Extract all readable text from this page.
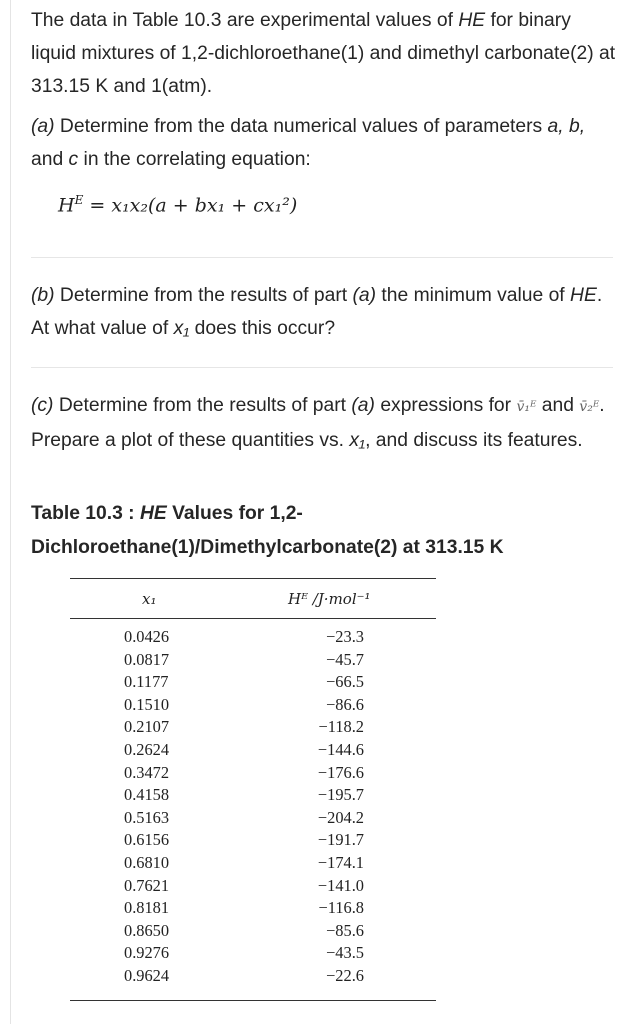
The data in Table 10.3 are experimental values of HE for binary liquid mixtures of 1,2-dichloroethane(1) and dimethyl carbonate(2) at 313.15 K and 1(atm).
(a) Determine from the data numerical values of parameters a, b, and c in the correlating equation:
$H^E = x_1x_2(a + bx_1 + cx_1^2)$
(b) Determine from the results of part (a) the minimum value of HE. At what value of x₁ does this occur?
(c) Determine from the results of part (a) expressions for v̄₁ᴱ and v̄₂ᴱ. Prepare a plot of these quantities vs. x₁, and discuss its features.
Table 10.3 : HE Values for 1,2-Dichloroethane(1)/Dimethylcarbonate(2) at 313.15 K
x₁	Hᴱ /J·mol⁻¹
0.0426
0.0817
0.1177
0.1510
0.2107
0.2624
0.3472
0.4158
0.5163
0.6156
0.6810
0.7621
0.8181
0.8650
0.9276
0.9624
−23.3
−45.7
−66.5
−86.6
−118.2
−144.6
−176.6
−195.7
−204.2
−191.7
−174.1
−141.0
−116.8
−85.6
−43.5
−22.6
